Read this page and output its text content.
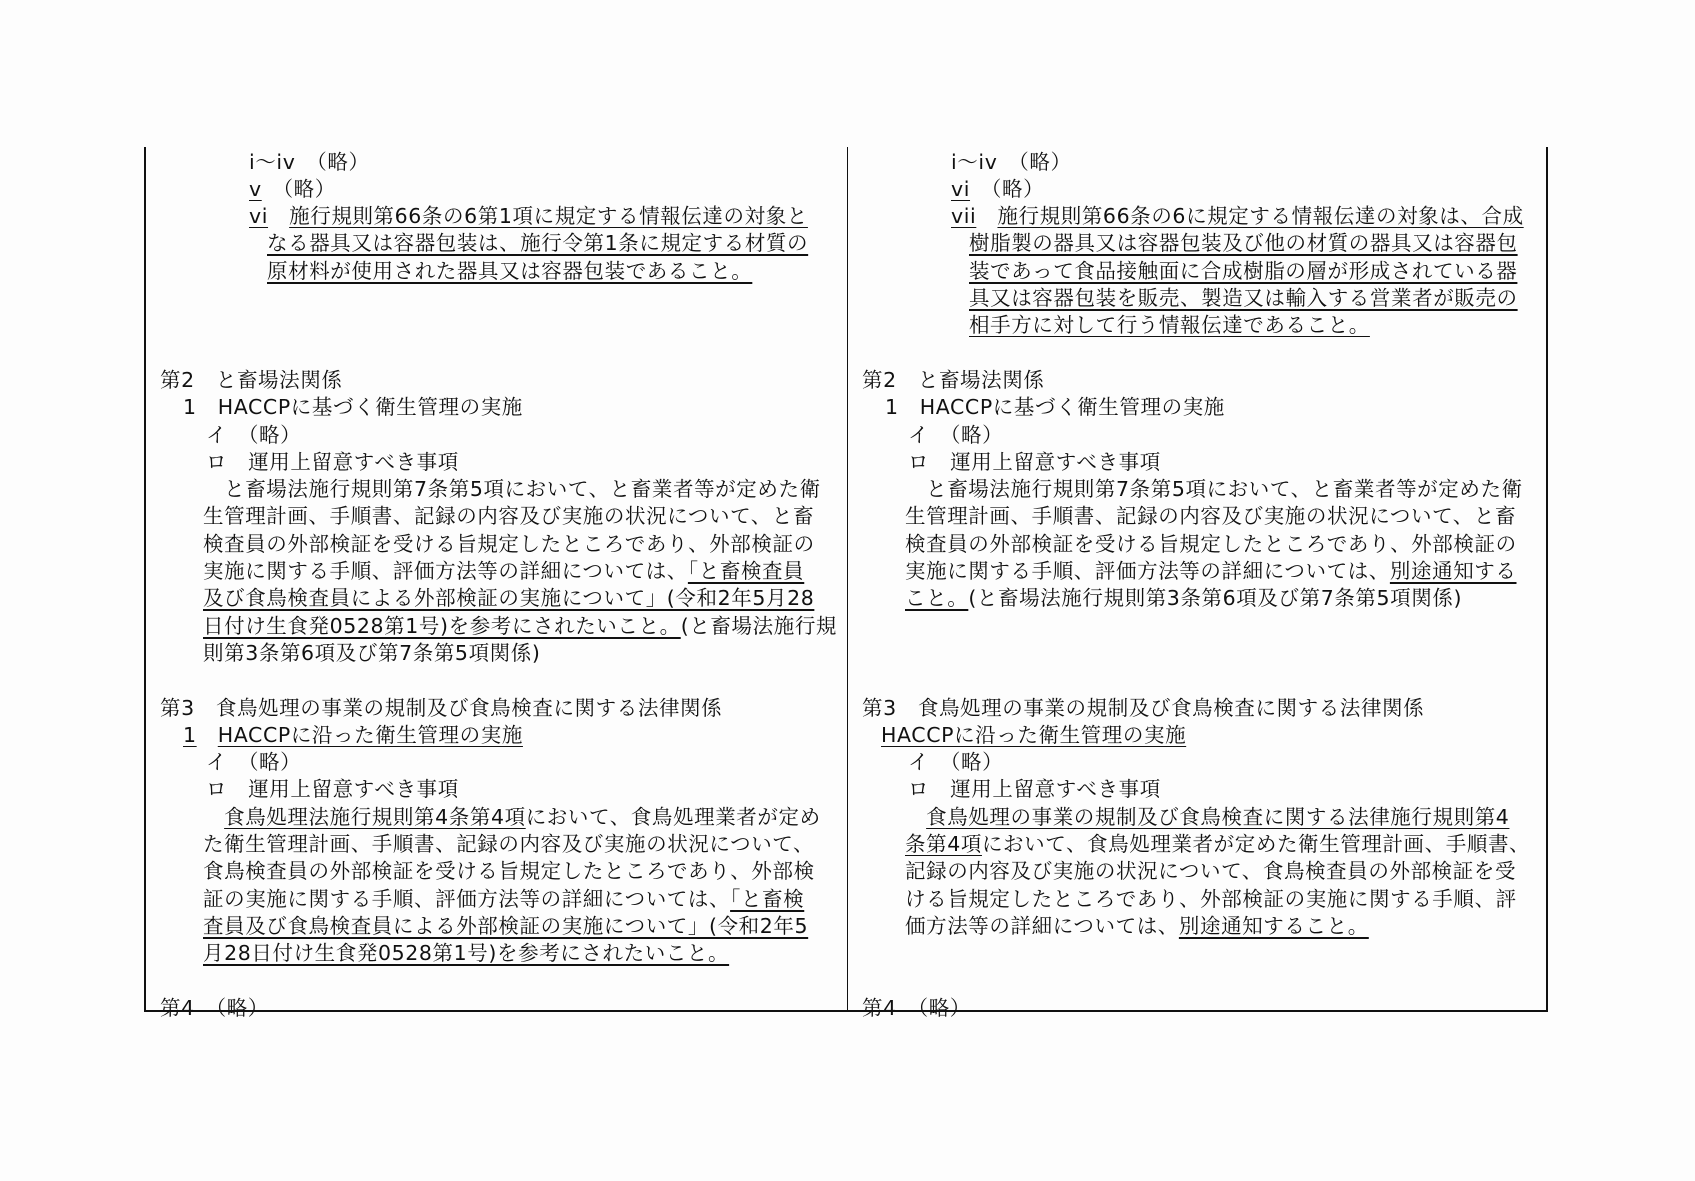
i～iv　（略）
v　（略）
vi　 施行規則第66条の6第1項に規定する情報伝達の対象と
なる器具又は容器包装は、施行令第1条に規定する材質の
原材料が使用された器具又は容器包装であること。
第2　と畜場法関係
1　HACCPに基づく衛生管理の実施
イ　（略）
ロ　運用上留意すべき事項
　と畜場法施行規則第7条第5項において、と畜業者等が定めた衛
生管理計画、手順書、記録の内容及び実施の状況について、と畜
検査員の外部検証を受ける旨規定したところであり、外部検証の
実施に関する手順、評価方法等の詳細については、「と畜検査員
及び食鳥検査員による外部検証の実施について」(令和2年5月28
日付け生食発0528第1号)を参考にされたいこと。(と畜場法施行規
則第3条第6項及び第7条第5項関係)
第3　食鳥処理の事業の規制及び食鳥検査に関する法律関係
1　 HACCPに沿った衛生管理の実施
イ　（略）
ロ　運用上留意すべき事項
　食鳥処理法施行規則第4条第4項において、食鳥処理業者が定め
た衛生管理計画、手順書、記録の内容及び実施の状況について、
食鳥検査員の外部検証を受ける旨規定したところであり、外部検
証の実施に関する手順、評価方法等の詳細については、「と畜検
査員及び食鳥検査員による外部検証の実施について」(令和2年5
月28日付け生食発0528第1号)を参考にされたいこと。
第4　（略）
i～iv　（略）
vi　（略）
vii　 施行規則第66条の6に規定する情報伝達の対象は、合成
樹脂製の器具又は容器包装及び他の材質の器具又は容器包
装であって食品接触面に合成樹脂の層が形成されている器
具又は容器包装を販売、製造又は輸入する営業者が販売の
相手方に対して行う情報伝達であること。
第2　と畜場法関係
1　HACCPに基づく衛生管理の実施
イ　（略）
ロ　運用上留意すべき事項
　と畜場法施行規則第7条第5項において、と畜業者等が定めた衛
生管理計画、手順書、記録の内容及び実施の状況について、と畜
検査員の外部検証を受ける旨規定したところであり、外部検証の
実施に関する手順、評価方法等の詳細については、別途通知する
こと。(と畜場法施行規則第3条第6項及び第7条第5項関係)
第3　食鳥処理の事業の規制及び食鳥検査に関する法律関係
HACCPに沿った衛生管理の実施
イ　（略）
ロ　運用上留意すべき事項
　食鳥処理の事業の規制及び食鳥検査に関する法律施行規則第4
条第4項において、食鳥処理業者が定めた衛生管理計画、手順書、
記録の内容及び実施の状況について、食鳥検査員の外部検証を受
ける旨規定したところであり、外部検証の実施に関する手順、評
価方法等の詳細については、別途通知すること。
第4　（略）
